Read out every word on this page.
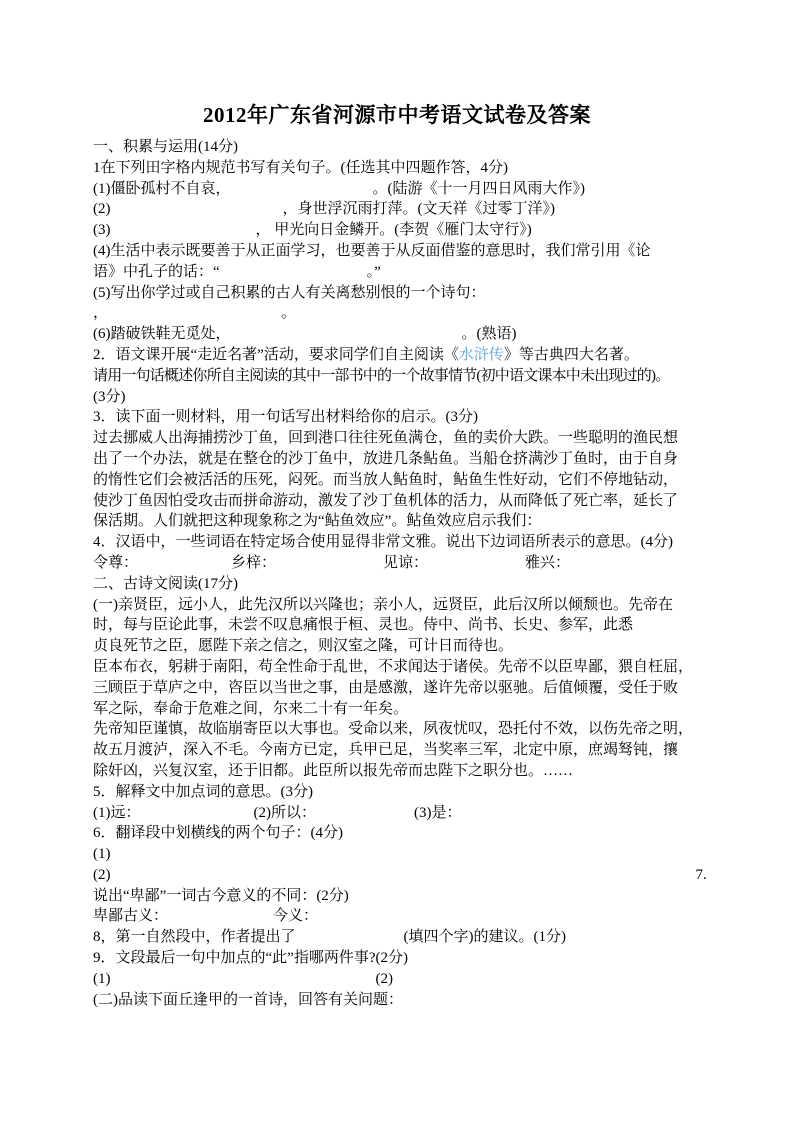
2012年广东省河源市中考语文试卷及答案
一、积累与运用(14分)
1在下列田字格内规范书写有关句子。(任选其中四题作答，4分)
(1)僵卧孤村不自哀，	。(陆游《十一月四日风雨大作》)
(2)	，身世浮沉雨打萍。(文天祥《过零丁洋》)
(3)	， 甲光向日金鳞开。(李贺《雁门太守行》)
(4)生活中表示既要善于从正面学习，也要善于从反面借鉴的意思时，我们常引用《论
语》中孔子的话：“	。”
(5)写出你学过或自己积累的古人有关离愁别恨的一个诗句：
，	。
(6)踏破铁鞋无觅处，	。(熟语)
2．语文课开展“走近名著”活动，要求同学们自主阅读《水浒传》等古典四大名著。
请用一句话概述你所自主阅读的其中一部书中的一个故事情节(初中语文课本中未出现过的)。
(3分)
3．读下面一则材料，用一句话写出材料给你的启示。(3分)
过去挪威人出海捕捞沙丁鱼，回到港口往往死鱼满仓，鱼的卖价大跌。一些聪明的渔民想
出了一个办法，就是在整仓的沙丁鱼中，放进几条鲇鱼。当船仓挤满沙丁鱼时，由于自身
的惰性它们会被活活的压死，闷死。而当放人鲇鱼时，鲇鱼生性好动，它们不停地钻动，
使沙丁鱼因怕受攻击而拼命游动，激发了沙丁鱼机体的活力，从而降低了死亡率，延长了
保活期。人们就把这种现象称之为“鲇鱼效应”。鲇鱼效应启示我们：
4．汉语中，一些词语在特定场合使用显得非常文雅。说出下边词语所表示的意思。(4分)
令尊：	乡梓：	见谅：	雅兴：
二、古诗文阅读(17分)
(一)亲贤臣，远小人，此先汉所以兴隆也；亲小人，远贤臣，此后汉所以倾颓也。先帝在
时，每与臣论此事，未尝不叹息痛恨于桓、灵也。侍中、尚书、长史、参军，此悉
贞良死节之臣，愿陛下亲之信之，则汉室之隆，可计日而待也。
臣本布衣，躬耕于南阳，苟全性命于乱世，不求闻达于诸侯。先帝不以臣卑鄙，猥自枉屈，
三顾臣于草庐之中，咨臣以当世之事，由是感激，遂许先帝以驱驰。后值倾覆，受任于败
军之际，奉命于危难之间，尔来二十有一年矣。
先帝知臣谨慎，故临崩寄臣以大事也。受命以来，夙夜忧叹，恐托付不效，以伤先帝之明，
故五月渡泸，深入不毛。今南方已定，兵甲已足，当奖率三军，北定中原，庶竭驽钝，攘
除奸凶，兴复汉室，还于旧都。此臣所以报先帝而忠陛下之职分也。……
5．解释文中加点词的意思。(3分)
(1)远：	(2)所以：	(3)是：
6．翻译段中划横线的两个句子：(4分)
(1)
(2)	7.
说出“卑鄙”一词古今意义的不同：(2分)
卑鄙古义：	今义：
8，第一自然段中，作者提出了	(填四个字)的建议。(1分)
9．文段最后一句中加点的“此”指哪两件事?(2分)
(1)	(2)
(二)品读下面丘逢甲的一首诗，回答有关问题：
